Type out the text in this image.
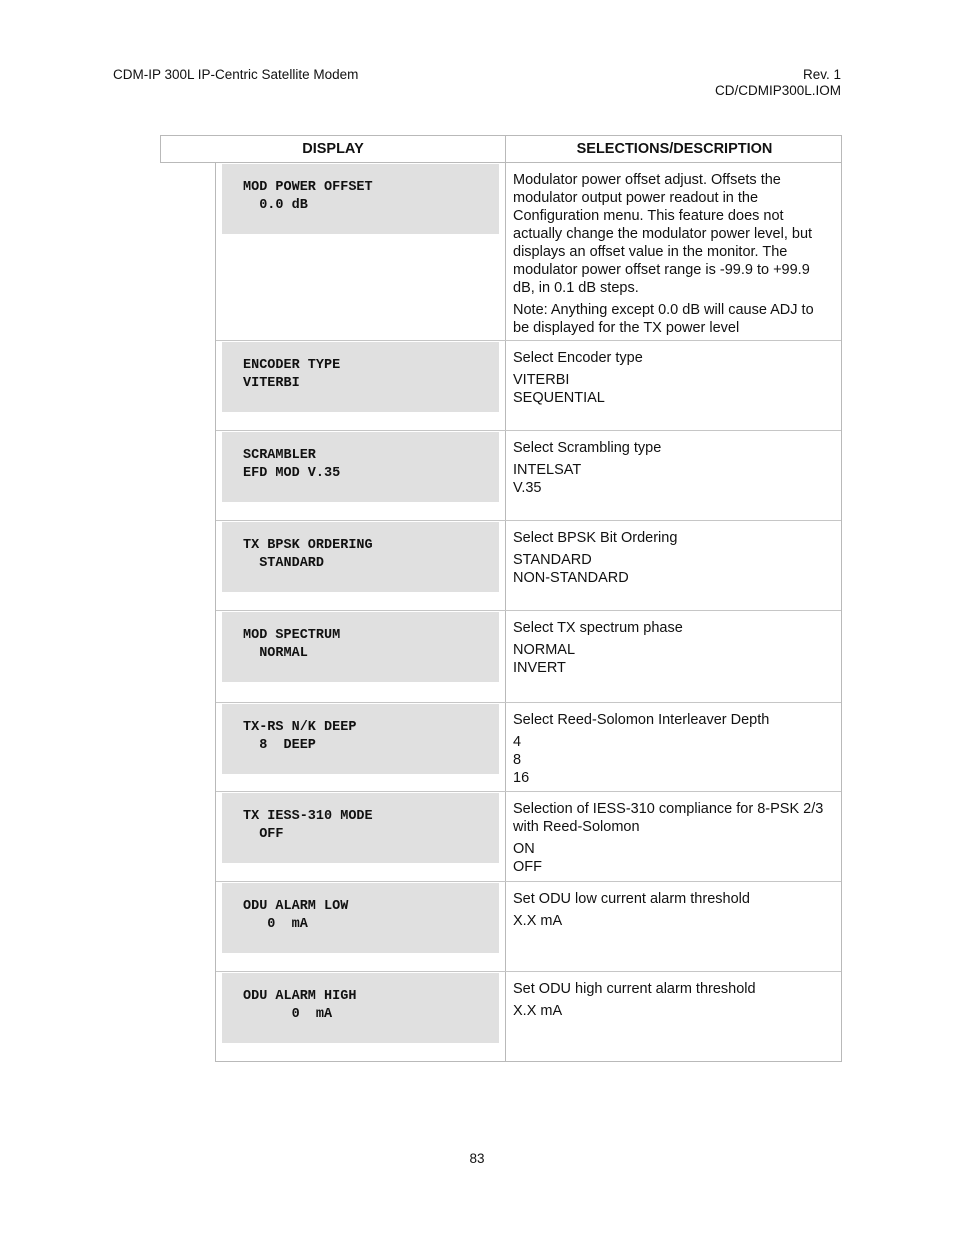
CDM-IP 300L IP-Centric Satellite Modem	Rev. 1
CD/CDMIP300L.IOM
DISPLAY	SELECTIONS/DESCRIPTION
MOD POWER OFFSET
0.0 dB

Modulator power offset adjust. Offsets the modulator output power readout in the Configuration menu. This feature does not actually change the modulator power level, but displays an offset value in the monitor. The modulator power offset range is -99.9 to +99.9 dB, in 0.1 dB steps.

Note: Anything except 0.0 dB will cause ADJ to be displayed for the TX power level

ENCODER TYPE
VITERBI

Select Encoder type

VITERBI
SEQUENTIAL
SCRAMBLER
EFD MOD V.35

Select Scrambling type

INTELSAT
V.35
TX BPSK ORDERING
STANDARD

Select BPSK Bit Ordering

STANDARD
NON-STANDARD
MOD SPECTRUM
NORMAL

Select TX spectrum phase

NORMAL
INVERT
TX-RS N/K DEEP
8  DEEP

Select Reed-Solomon Interleaver Depth

4
8
16
TX IESS-310 MODE
OFF

Selection of IESS-310 compliance for 8-PSK 2/3 with Reed-Solomon

ON
OFF
ODU ALARM LOW
0  mA

Set ODU low current alarm threshold

X.X mA
ODU ALARM HIGH
0  mA

Set ODU high current alarm threshold

X.X mA
83
